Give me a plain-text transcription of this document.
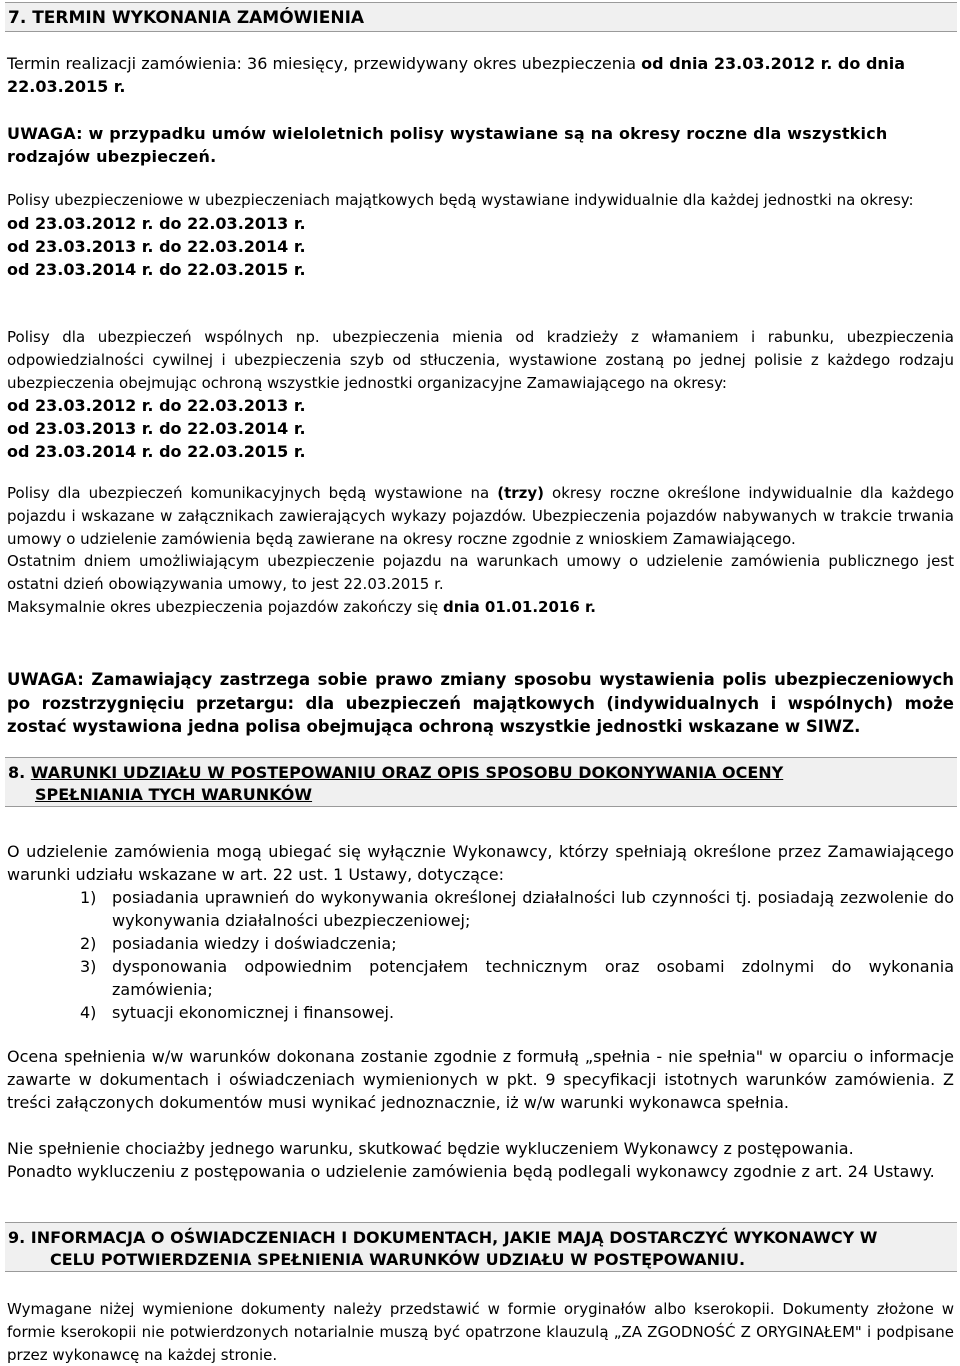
7. TERMIN WYKONANIA ZAMÓWIENIA
Termin realizacji zamówienia: 36 miesięcy, przewidywany okres ubezpieczenia od dnia 23.03.2012 r. do dnia 22.03.2015 r.
UWAGA: w przypadku umów wieloletnich polisy wystawiane są na okresy roczne dla wszystkich rodzajów ubezpieczeń.
Polisy ubezpieczeniowe w ubezpieczeniach majątkowych będą wystawiane indywidualnie dla każdej jednostki na okresy:
od 23.03.2012 r. do 22.03.2013 r.
od 23.03.2013 r. do 22.03.2014 r.
od 23.03.2014 r. do 22.03.2015 r.
Polisy dla ubezpieczeń wspólnych np. ubezpieczenia mienia od kradzieży z włamaniem i rabunku, ubezpieczenia odpowiedzialności cywilnej i ubezpieczenia szyb od stłuczenia, wystawione zostaną po jednej polisie z każdego rodzaju ubezpieczenia obejmując ochroną wszystkie jednostki organizacyjne Zamawiającego na okresy:
od 23.03.2012 r. do 22.03.2013 r.
od 23.03.2013 r. do 22.03.2014 r.
od 23.03.2014 r. do 22.03.2015 r.
Polisy dla ubezpieczeń komunikacyjnych będą wystawione na (trzy) okresy roczne określone indywidualnie dla każdego pojazdu i wskazane w załącznikach zawierających wykazy pojazdów. Ubezpieczenia pojazdów nabywanych w trakcie trwania umowy o udzielenie zamówienia będą zawierane na okresy roczne zgodnie z wnioskiem Zamawiającego.
Ostatnim dniem umożliwiającym ubezpieczenie pojazdu na warunkach umowy o udzielenie zamówienia publicznego jest ostatni dzień obowiązywania umowy, to jest 22.03.2015 r.
Maksymalnie okres ubezpieczenia pojazdów zakończy się dnia 01.01.2016 r.
UWAGA: Zamawiający zastrzega sobie prawo zmiany sposobu wystawienia polis ubezpieczeniowych po rozstrzygnięciu przetargu: dla ubezpieczeń majątkowych (indywidualnych i wspólnych) może zostać wystawiona jedna polisa obejmująca ochroną wszystkie jednostki wskazane w SIWZ.
8. WARUNKI UDZIAŁU W POSTEPOWANIU ORAZ OPIS SPOSOBU DOKONYWANIA OCENY
SPEŁNIANIA TYCH WARUNKÓW
O udzielenie zamówienia mogą ubiegać się wyłącznie Wykonawcy, którzy spełniają określone przez Zamawiającego warunki udziału wskazane w art. 22 ust. 1 Ustawy, dotyczące:
1) posiadania uprawnień do wykonywania określonej działalności lub czynności tj. posiadają zezwolenie do wykonywania działalności ubezpieczeniowej;
2) posiadania wiedzy i doświadczenia;
3) dysponowania odpowiednim potencjałem technicznym oraz osobami zdolnymi do wykonania zamówienia;
4) sytuacji ekonomicznej i finansowej.
Ocena spełnienia w/w warunków dokonana zostanie zgodnie z formułą „spełnia - nie spełnia" w oparciu o informacje zawarte w dokumentach i oświadczeniach wymienionych w pkt. 9 specyfikacji istotnych warunków zamówienia. Z treści załączonych dokumentów musi wynikać jednoznacznie, iż w/w warunki wykonawca spełnia.
Nie spełnienie chociażby jednego warunku, skutkować będzie wykluczeniem Wykonawcy z postępowania.
Ponadto wykluczeniu z postępowania o udzielenie zamówienia będą podlegali wykonawcy zgodnie z art. 24 Ustawy.
9. INFORMACJA O OŚWIADCZENIACH I DOKUMENTACH, JAKIE MAJĄ DOSTARCZYĆ WYKONAWCY W
CELU POTWIERDZENIA SPEŁNIENIA WARUNKÓW UDZIAŁU W POSTĘPOWANIU.
Wymagane niżej wymienione dokumenty należy przedstawić w formie oryginałów albo kserokopii. Dokumenty złożone w formie kserokopii nie potwierdzonych notarialnie muszą być opatrzone klauzulą „ZA ZGODNOŚĆ Z ORYGINAŁEM" i podpisane przez wykonawcę na każdej stronie.
